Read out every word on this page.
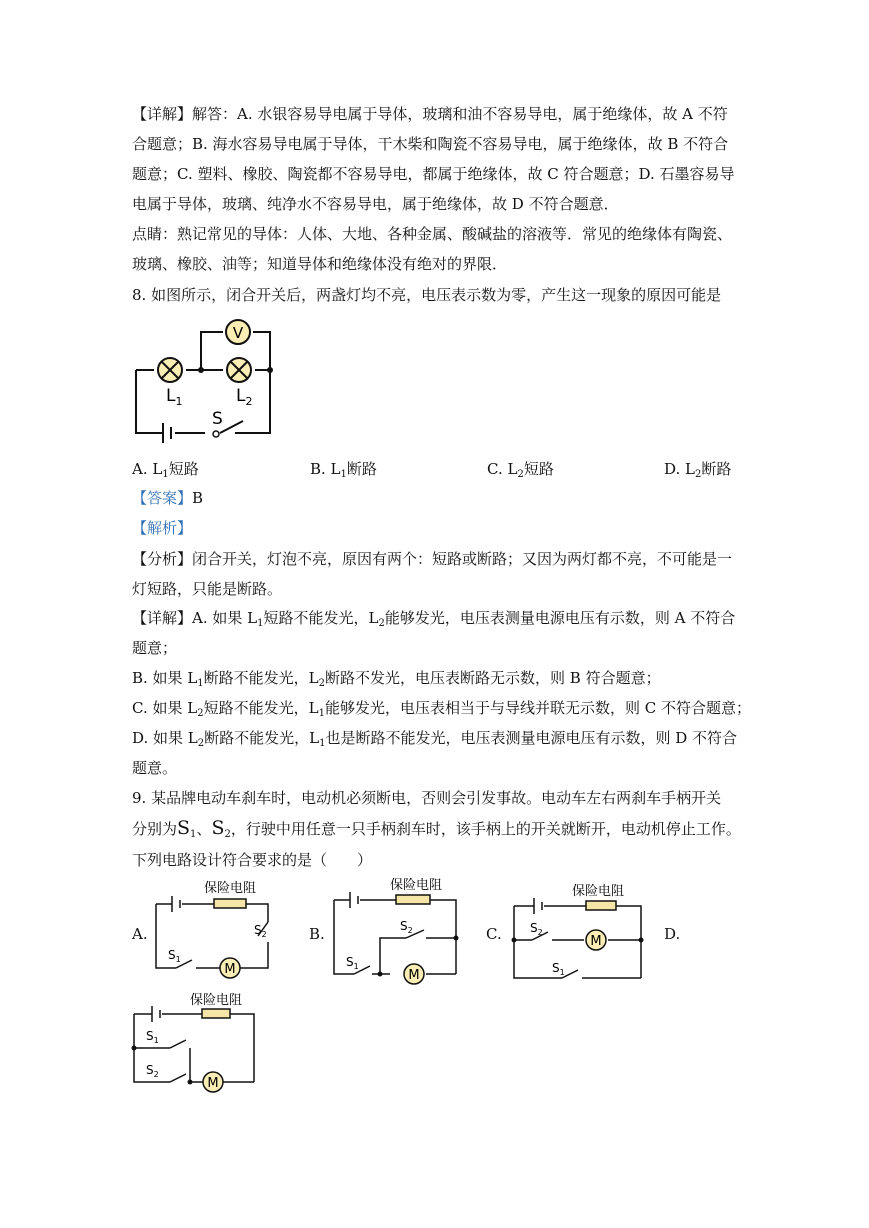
【详解】解答：A. 水银容易导电属于导体，玻璃和油不容易导电，属于绝缘体，故 A 不符
合题意；B. 海水容易导电属于导体，干木柴和陶瓷不容易导电，属于绝缘体，故 B 不符合
题意；C. 塑料、橡胶、陶瓷都不容易导电，都属于绝缘体，故 C 符合题意；D. 石墨容易导
电属于导体，玻璃、纯净水不容易导电，属于绝缘体，故 D 不符合题意．
点睛：熟记常见的导体：人体、大地、各种金属、酸碱盐的溶液等．常见的绝缘体有陶瓷、
玻璃、橡胶、油等；知道导体和绝缘体没有绝对的界限．
8. 如图所示，闭合开关后，两盏灯均不亮，电压表示数为零，产生这一现象的原因可能是
V
$L_1$	$L_2$
S
A. $L_1$短路	B. $L_1$断路	C. $L_2$短路	D. $L_2$断路
【答案】B
【解析】
【分析】闭合开关，灯泡不亮，原因有两个：短路或断路；又因为两灯都不亮，不可能是一
灯短路，只能是断路。
【详解】A. 如果 $L_1$短路不能发光，$L_2$能够发光，电压表测量电源电压有示数，则 A 不符合
题意；
B. 如果 $L_1$断路不能发光，$L_2$断路不发光，电压表断路无示数，则 B 符合题意；
C. 如果 $L_2$短路不能发光，$L_1$能够发光，电压表相当于与导线并联无示数，则 C 不符合题意；
D. 如果 $L_2$断路不能发光，$L_1$也是断路不能发光，电压表测量电源电压有示数，则 D 不符合
题意。
9. 某品牌电动车刹车时，电动机必须断电，否则会引发事故。电动车左右两刹车手柄开关
分别为$S_1$、$S_2$，行驶中用任意一只手柄刹车时，该手柄上的开关就断开，电动机停止工作。
下列电路设计符合要求的是（　　）
A.	B.	C.	D.
M
保险电阻
$S_1$
$S_2$
M
保险电阻
$S_1$
$S_2$
M
保险电阻
$S_2$
$S_1$
M
保险电阻
$S_1$
$S_2$
